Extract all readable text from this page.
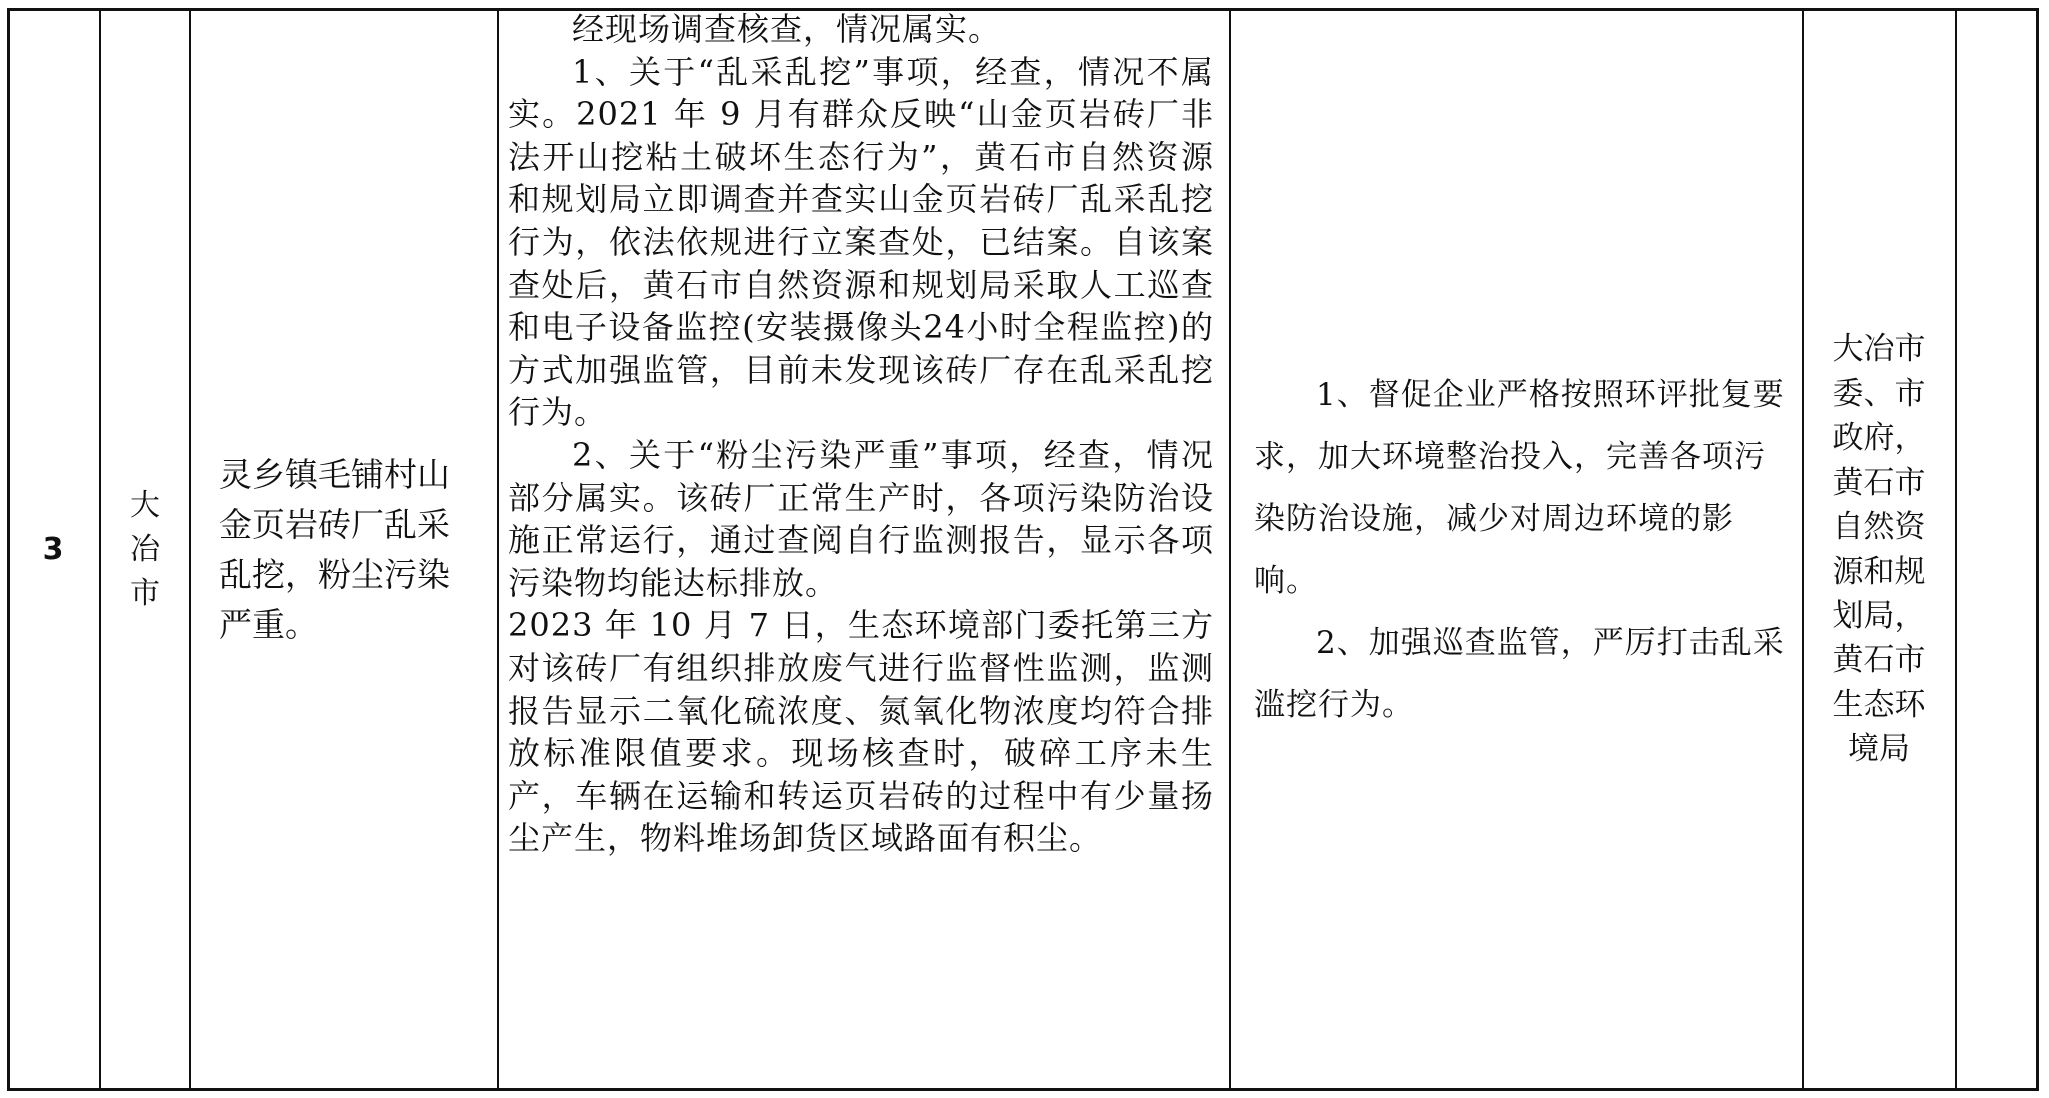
3
大冶市
灵乡镇毛铺村山金页岩砖厂乱采乱挖，粉尘污染严重。

经现场调查核查，情况属实。

1、关于“乱采乱挖”事项，经查，情况不属实。2021 年 9 月有群众反映“山金页岩砖厂非法开山挖粘土破坏生态行为”，黄石市自然资源和规划局立即调查并查实山金页岩砖厂乱采乱挖行为，依法依规进行立案查处，已结案。自该案查处后，黄石市自然资源和规划局采取人工巡查和电子设备监控(安装摄像头24小时全程监控)的方式加强监管，目前未发现该砖厂存在乱采乱挖行为。

2、关于“粉尘污染严重”事项，经查，情况部分属实。该砖厂正常生产时，各项污染防治设施正常运行，通过查阅自行监测报告，显示各项污染物均能达标排放。

2023 年 10 月 7 日，生态环境部门委托第三方对该砖厂有组织排放废气进行监督性监测，监测报告显示二氧化硫浓度、氮氧化物浓度均符合排放标准限值要求。现场核查时，破碎工序未生产，车辆在运输和转运页岩砖的过程中有少量扬尘产生，物料堆场卸货区域路面有积尘。

1、督促企业严格按照环评批复要求，加大环境整治投入，完善各项污染防治设施，减少对周边环境的影响。

2、加强巡查监管，严厉打击乱采滥挖行为。

大冶市委、市政府，黄石市自然资源和规划局，黄石市生态环境局
